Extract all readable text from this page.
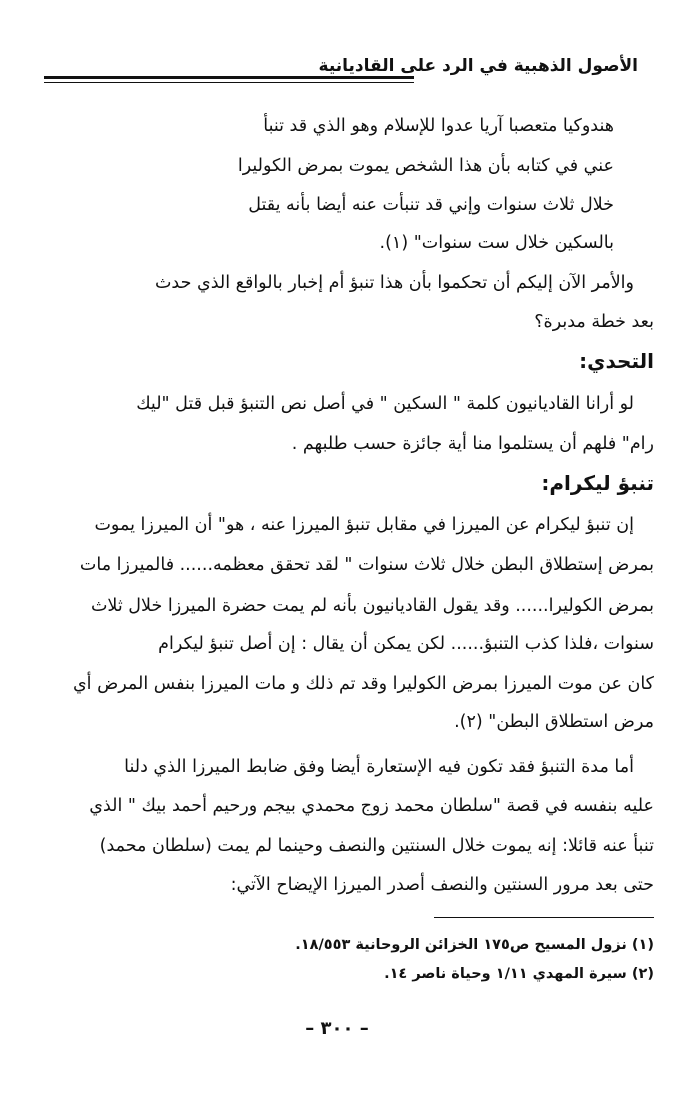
الأصول الذهبية في الرد على القاديانية
هندوكيا متعصبا آريا عدوا للإسلام وهو الذي قد تنبأ
عني في كتابه بأن هذا الشخص يموت بمرض الكوليرا
خلال ثلاث سنوات وإني قد تنبأت عنه أيضا بأنه يقتل
بالسكين خلال ست سنوات" (١).
والأمر الآن إليكم أن تحكموا بأن هذا تنبؤ أم إخبار بالواقع الذي حدث
بعد خطة مدبرة؟
التحدي:
لو أرانا القاديانيون كلمة " السكين " في أصل نص التنبؤ قبل قتل "ليك
رام" فلهم أن يستلموا منا أية جائزة حسب طلبهم .
تنبؤ ليكرام:
إن تنبؤ ليكرام عن الميرزا في مقابل تنبؤ الميرزا عنه ، هو" أن الميرزا يموت
بمرض إستطلاق البطن خلال ثلاث سنوات " لقد تحقق معظمه...... فالميرزا مات
بمرض الكوليرا...... وقد يقول القاديانيون بأنه لم يمت حضرة الميرزا خلال ثلاث
سنوات ،فلذا كذب التنبؤ...... لكن يمكن أن يقال : إن أصل تنبؤ ليكرام
كان عن موت الميرزا بمرض الكوليرا وقد تم ذلك و مات الميرزا بنفس المرض أي
مرض استطلاق البطن" (٢).
أما مدة التنبؤ فقد تكون فيه الإستعارة أيضا وفق ضابط الميرزا الذي دلنا
عليه بنفسه في قصة "سلطان محمد زوج محمدي بيجم ورحيم أحمد بيك " الذي
تنبأ عنه قائلا: إنه يموت خلال السنتين والنصف وحينما لم يمت (سلطان محمد)
حتى بعد مرور السنتين والنصف أصدر الميرزا الإيضاح الآتي:
(١) نزول المسيح ص١٧٥ الخزائن الروحانية ١٨/٥٥٣.
(٢) سيرة المهدي ١/١١ وحياة ناصر ١٤.
– ٣٠٠ –
